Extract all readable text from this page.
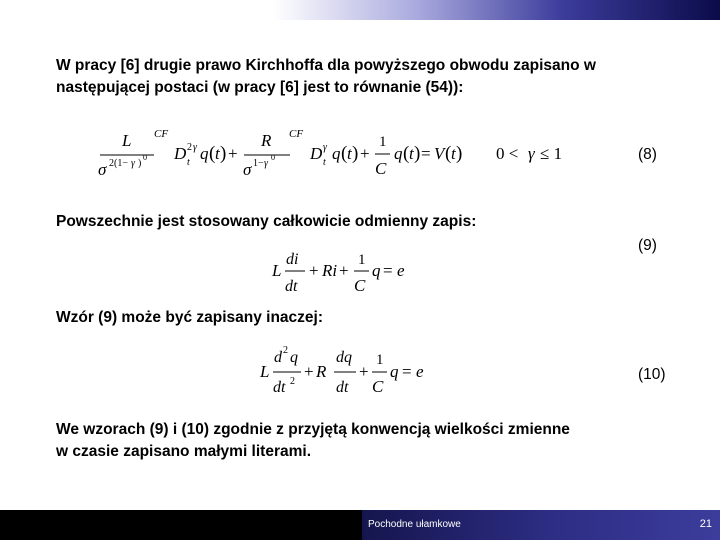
W pracy [6] drugie prawo Kirchhoffa dla powyższego obwodu zapisano w

następującej postaci (w pracy [6] jest to równanie (54)):

L CF
σ 2(1− γ )
0 D 2 γ
t q ( t ) +
R CF
σ 1− γ
0 D γ
t q ( t ) +
1
C
q ( t ) = V ( t ) 0 < γ ≤ 1	(8)

Powszechnie jest stosowany całkowicie odmienny zapis:

(9)
L
di
dt
+ Ri +
1
C
q = e

Wzór (9) może być zapisany inaczej:

L
d 2 q
dt 2
+ R
dq
dt
+
1
C
q = e	(10)

We wzorach (9) i (10) zgodnie z przyjętą konwencją wielkości zmienne

w czasie zapisano małymi literami.

Pochodne ułamkowe	21
